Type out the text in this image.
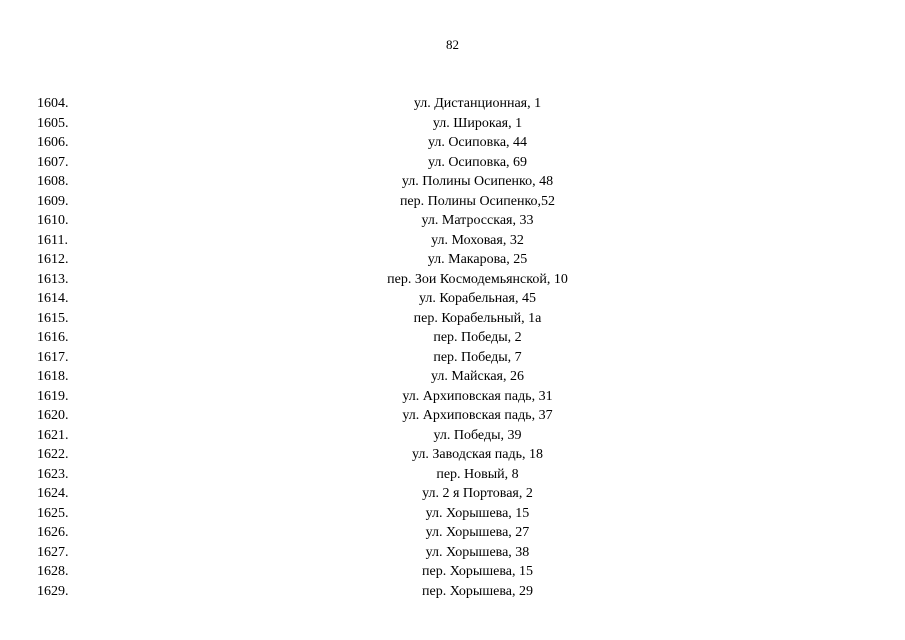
82
1604.	ул. Дистанционная, 1
1605.	ул. Широкая, 1
1606.	ул. Осиповка, 44
1607.	ул. Осиповка, 69
1608.	ул. Полины Осипенко, 48
1609.	пер. Полины Осипенко,52
1610.	ул. Матросская, 33
1611.	ул. Моховая, 32
1612.	ул. Макарова, 25
1613.	пер. Зои Космодемьянской, 10
1614.	ул. Корабельная, 45
1615.	пер. Корабельный, 1а
1616.	пер. Победы, 2
1617.	пер. Победы, 7
1618.	ул. Майская, 26
1619.	ул. Архиповская падь, 31
1620.	ул. Архиповская падь, 37
1621.	ул. Победы, 39
1622.	ул. Заводская падь, 18
1623.	пер. Новый, 8
1624.	ул. 2 я Портовая, 2
1625.	ул. Хорышева, 15
1626.	ул. Хорышева, 27
1627.	ул. Хорышева, 38
1628.	пер. Хорышева, 15
1629.	пер. Хорышева, 29
